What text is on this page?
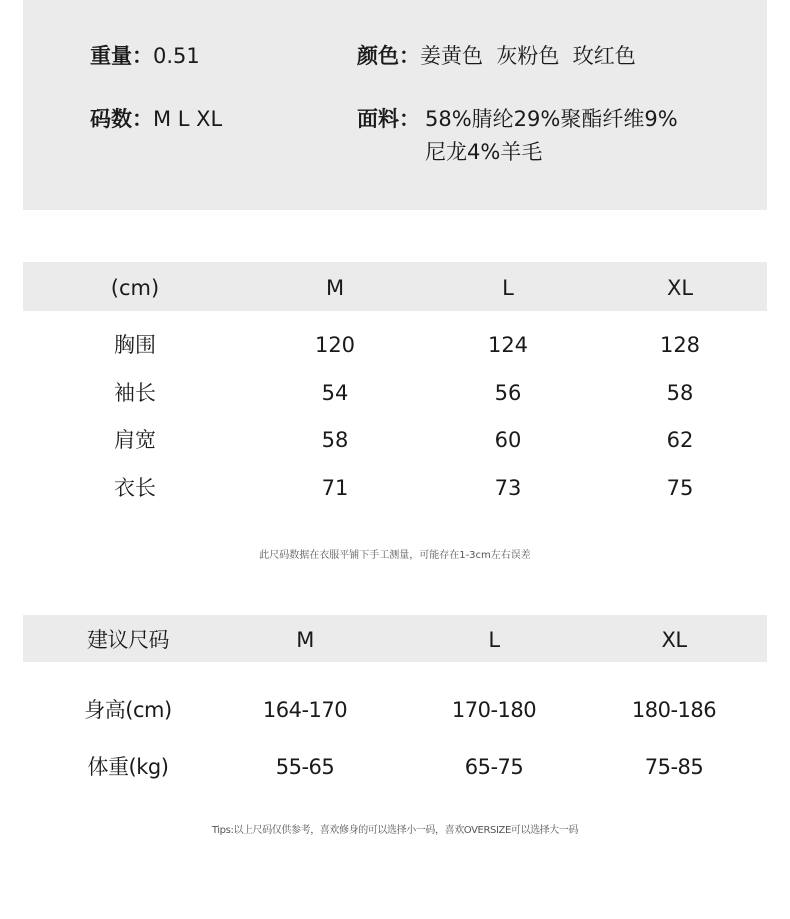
重量：0.51	颜色：姜黄色  灰粉色  玫红色
码数：M L XL	面料： 58%腈纶29%聚酯纤维9%
尼龙4%羊毛
(cm)	M	L	XL
胸围	120	124	128
袖长	54	56	58
肩宽	58	60	62
衣长	71	73	75
此尺码数据在衣服平铺下手工测量，可能存在1-3cm左右误差
建议尺码	M	L	XL
身高(cm)	164-170	170-180	180-186
体重(kg)	55-65	65-75	75-85
Tips:以上尺码仅供参考，喜欢修身的可以选择小一码，喜欢OVERSIZE可以选择大一码
